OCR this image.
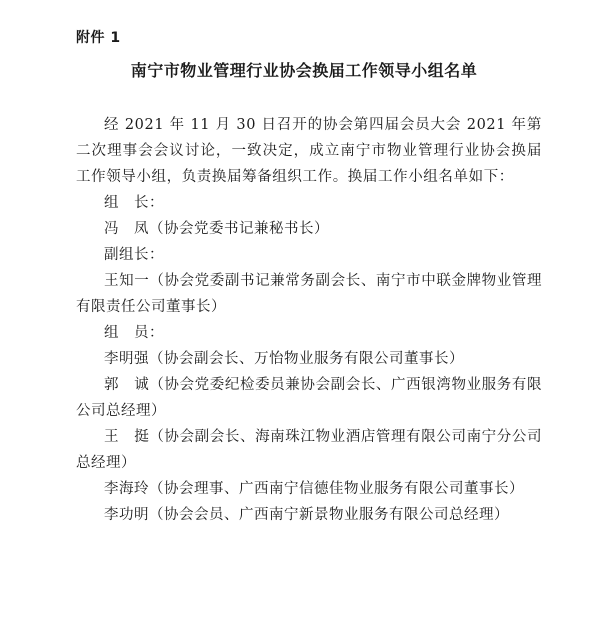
附件 1
南宁市物业管理行业协会换届工作领导小组名单

经 2021 年 11 月 30 日召开的协会第四届会员大会 2021 年第二次理事会会议讨论，一致决定，成立南宁市物业管理行业协会换届工作领导小组，负责换届筹备组织工作。换届工作小组名单如下：

组　长：

冯　凤（协会党委书记兼秘书长）

副组长：

王知一（协会党委副书记兼常务副会长、南宁市中联金牌物业管理有限责任公司董事长）

组　员：

李明强（协会副会长、万怡物业服务有限公司董事长）

郭　诚（协会党委纪检委员兼协会副会长、广西银湾物业服务有限公司总经理）

王　挺（协会副会长、海南珠江物业酒店管理有限公司南宁分公司总经理）

李海玲（协会理事、广西南宁信德佳物业服务有限公司董事长）

李功明（协会会员、广西南宁新景物业服务有限公司总经理）
